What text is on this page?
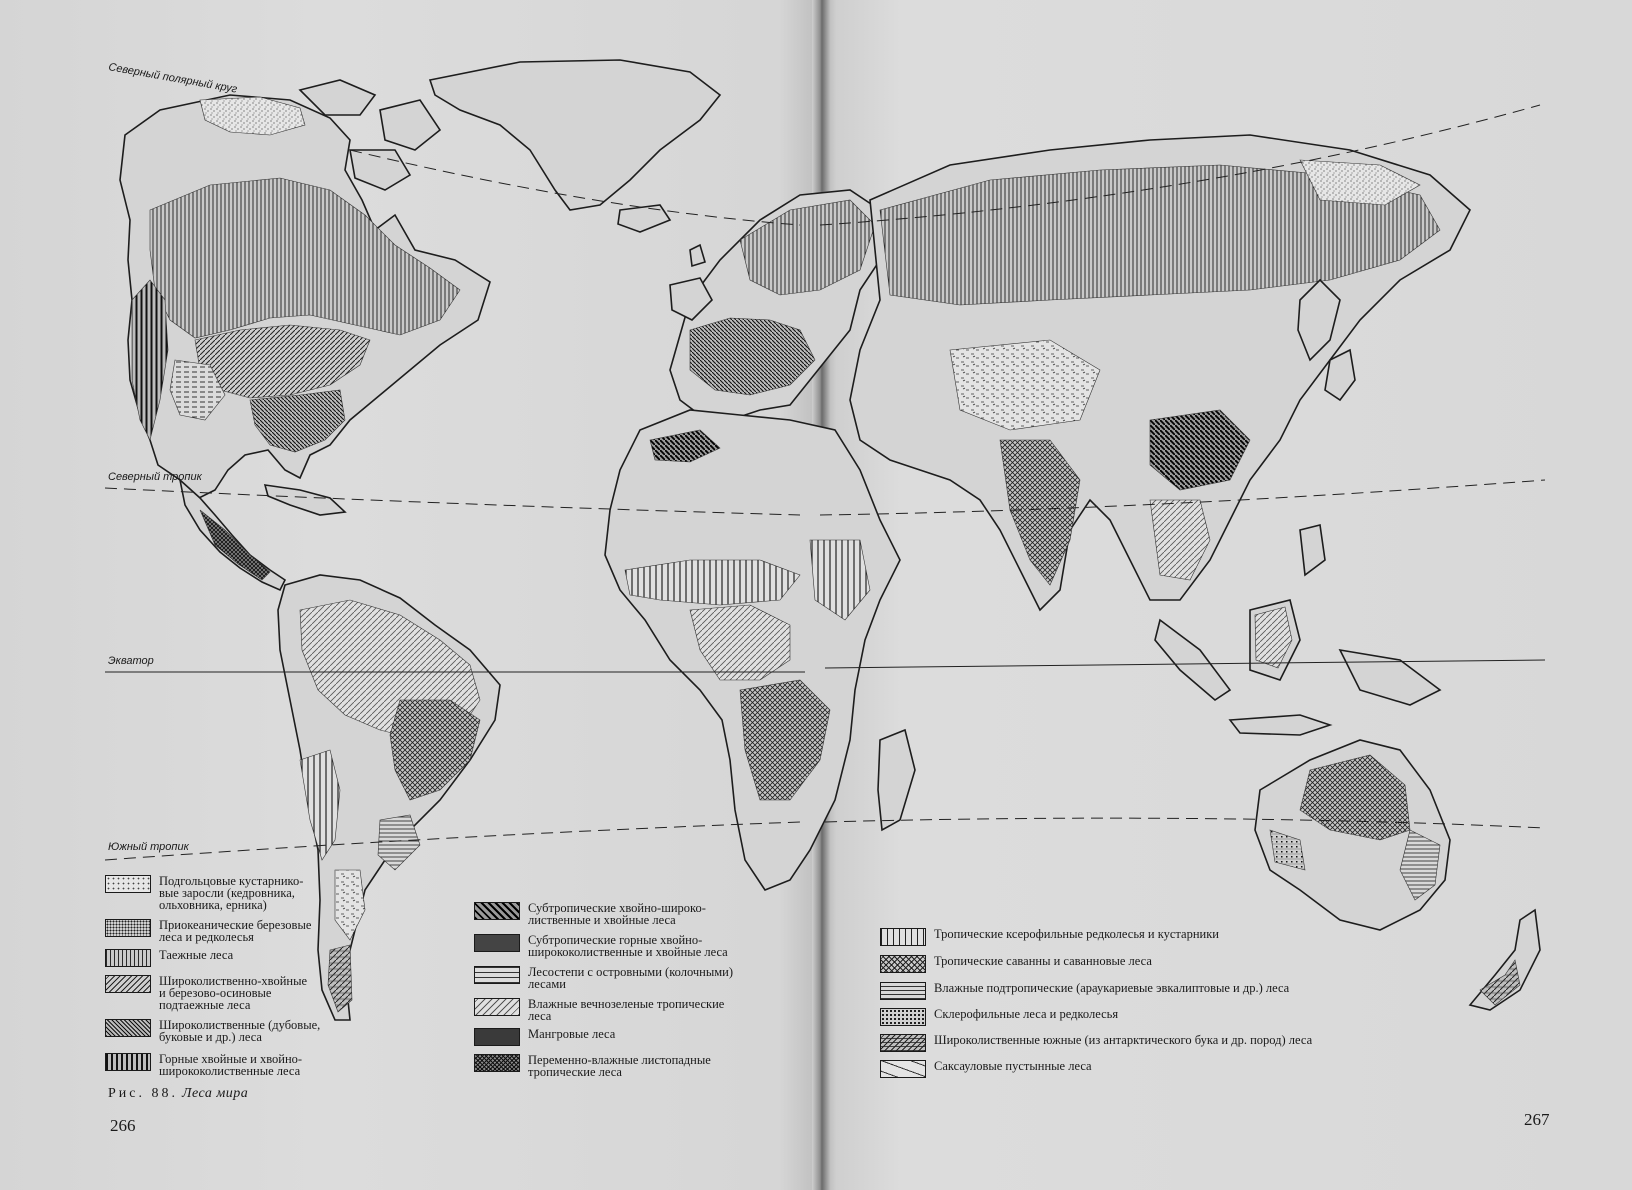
Северный полярный круг
Северный тропик
Экватор
Южный тропик
Подгольцовые кустарнико-
вые заросли (кедровника,
ольховника, ерника)
Приокеанические березовые
леса и редколесья
Таежные леса
Широколиственно-хвойные
и березово-осиновые
подтаежные леса
Широколиственные (дубовые,
буковые и др.) леса
Горные хвойные и хвойно-
ширококолиственные леса
Субтропические хвойно-широко-
лиственные и хвойные леса
Субтропические горные хвойно-
ширококолиственные и хвойные леса
Лесостепи с островными (колочными)
лесами
Влажные вечнозеленые тропические
леса
Мангровые леса
Переменно-влажные листопадные
тропические леса
Тропические ксерофильные редколесья и кустарники
Тропические саванны и саванновые леса
Влажные подтропические (араукариевые эвкалиптовые и др.) леса
Склерофильные леса и редколесья
Широколиственные южные (из антарктического бука и др. пород) леса
Саксауловые пустынные леса
Рис. 88. Леса мира
266	267
